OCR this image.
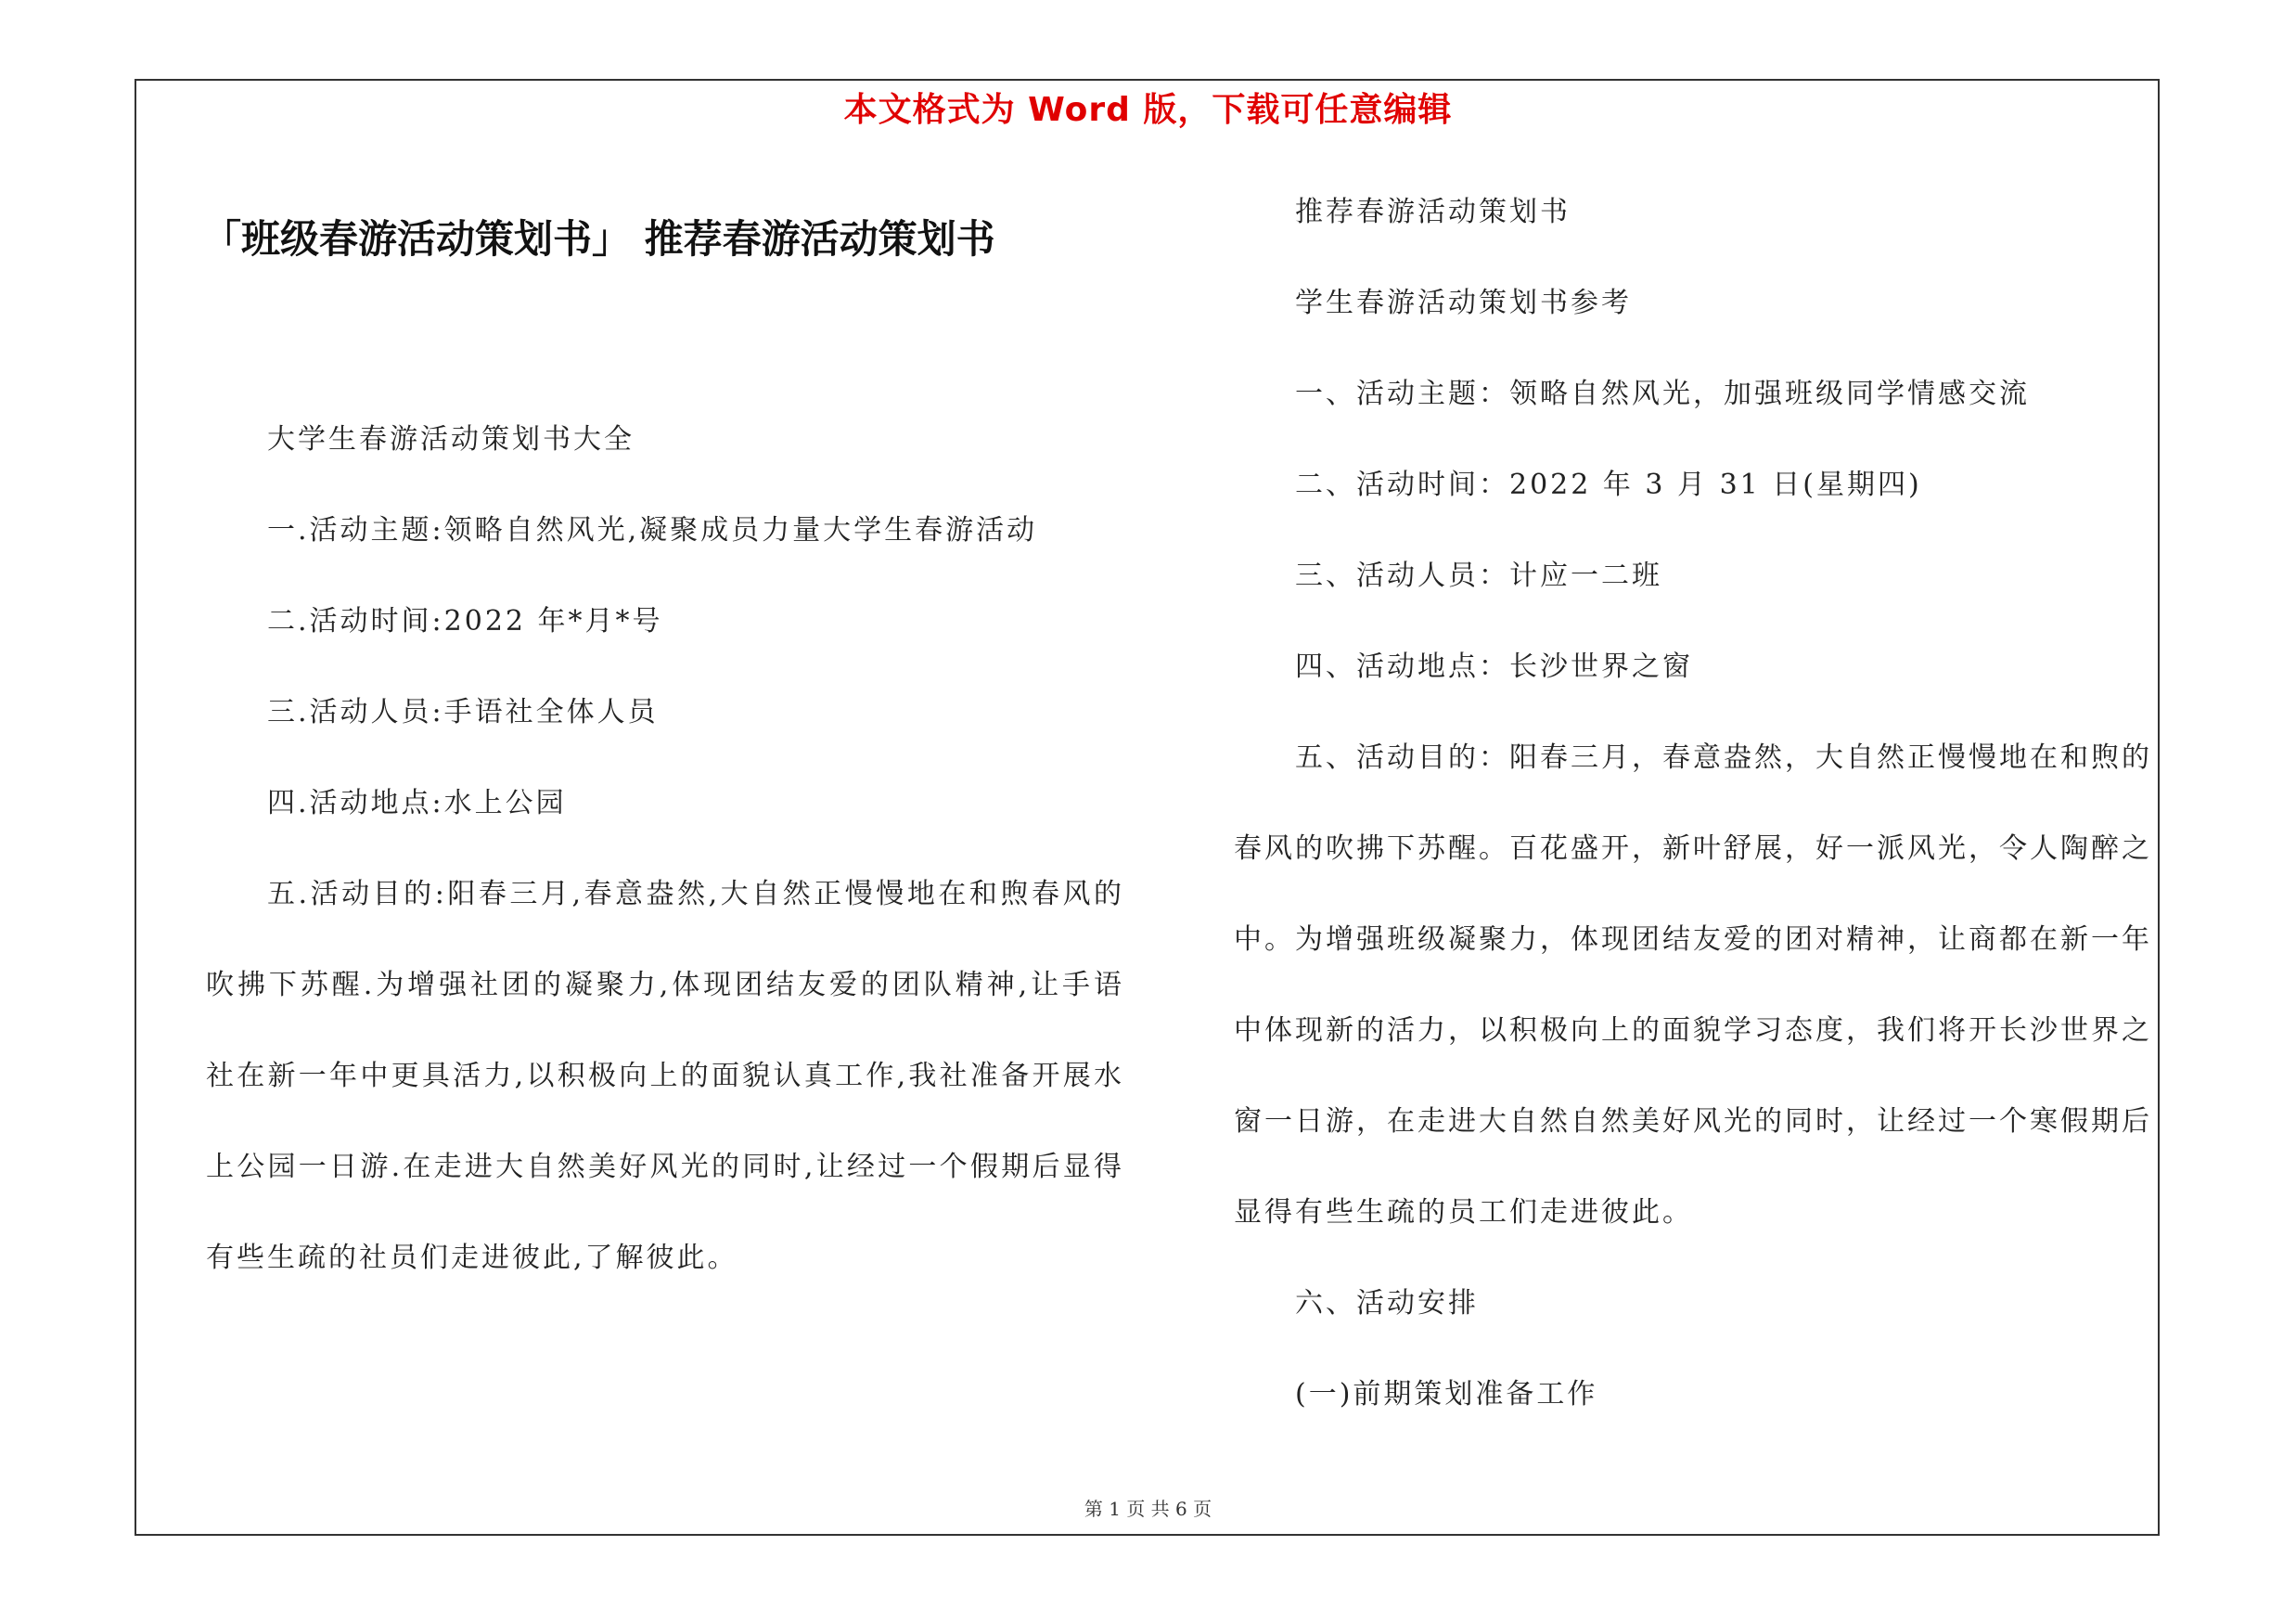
本文格式为 Word 版，下载可任意编辑
「班级春游活动策划书」 推荐春游活动策划书

大学生春游活动策划书大全

一.活动主题:领略自然风光,凝聚成员力量大学生春游活动

二.活动时间:2022 年*月*号

三.活动人员:手语社全体人员

四.活动地点:水上公园

五.活动目的:阳春三月,春意盎然,大自然正慢慢地在和煦春风的吹拂下苏醒.为增强社团的凝聚力,体现团结友爱的团队精神,让手语社在新一年中更具活力,以积极向上的面貌认真工作,我社准备开展水上公园一日游.在走进大自然美好风光的同时,让经过一个假期后显得有些生疏的社员们走进彼此,了解彼此。

推荐春游活动策划书

学生春游活动策划书参考

一、活动主题：领略自然风光，加强班级同学情感交流

二、活动时间：2022 年 3 月 31 日(星期四)

三、活动人员：计应一二班

四、活动地点：长沙世界之窗

五、活动目的：阳春三月，春意盎然，大自然正慢慢地在和煦的春风的吹拂下苏醒。百花盛开，新叶舒展，好一派风光，令人陶醉之中。为增强班级凝聚力，体现团结友爱的团对精神，让商都在新一年中体现新的活力，以积极向上的面貌学习态度，我们将开长沙世界之窗一日游，在走进大自然自然美好风光的同时，让经过一个寒假期后显得有些生疏的员工们走进彼此。

六、活动安排

(一)前期策划准备工作

第 1 页 共 6 页
